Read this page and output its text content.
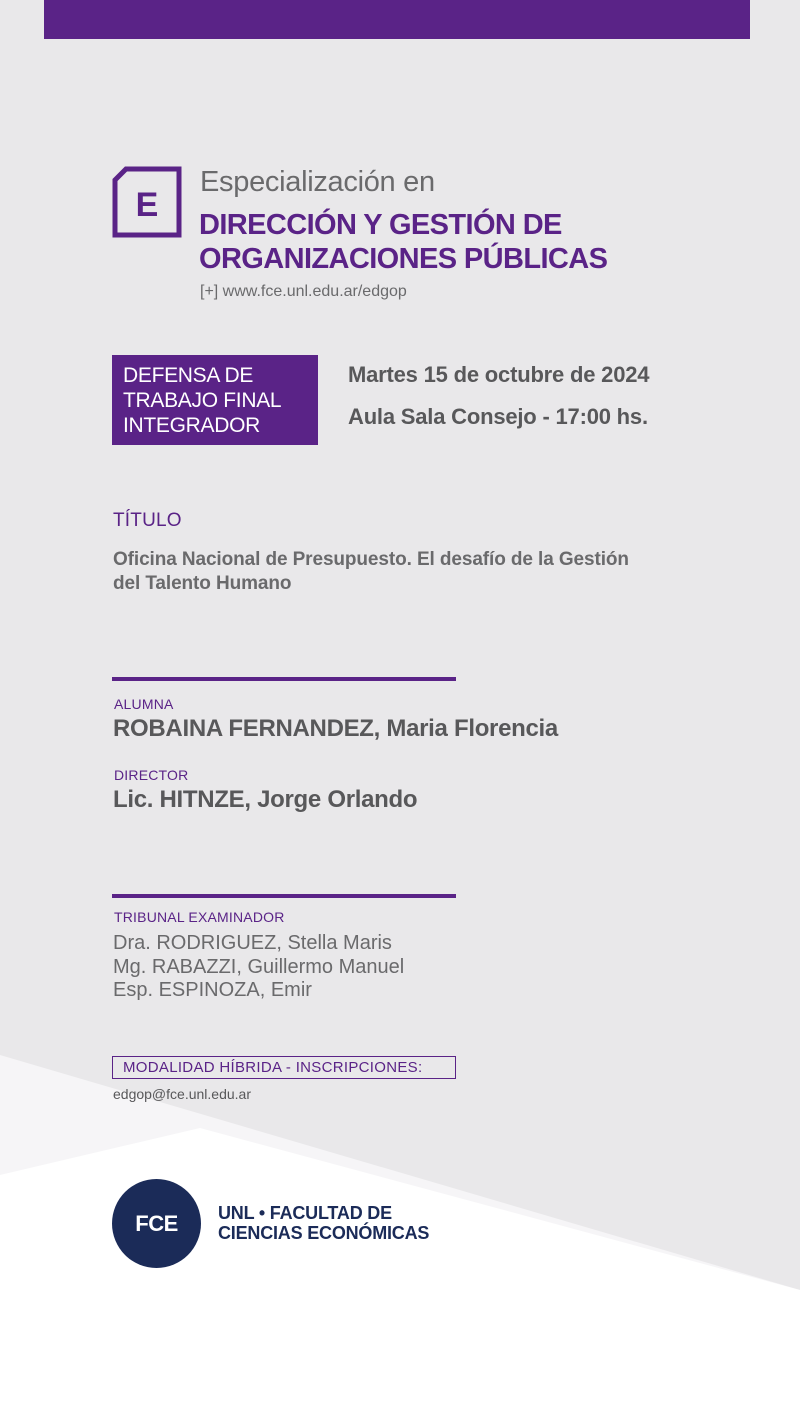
E
Especialización en
DIRECCIÓN Y GESTIÓN DE
ORGANIZACIONES PÚBLICAS
[+] www.fce.unl.edu.ar/edgop
DEFENSA DE
TRABAJO FINAL
INTEGRADOR
Martes 15 de octubre de 2024
Aula Sala Consejo - 17:00 hs.
TÍTULO
Oficina Nacional de Presupuesto. El desafío de la Gestión
del Talento Humano
ALUMNA
ROBAINA FERNANDEZ, Maria Florencia
DIRECTOR
Lic. HITNZE, Jorge Orlando
TRIBUNAL EXAMINADOR
Dra. RODRIGUEZ, Stella Maris
Mg. RABAZZI, Guillermo Manuel
Esp. ESPINOZA, Emir
MODALIDAD HÍBRIDA - INSCRIPCIONES:
edgop@fce.unl.edu.ar
FCE	UNL • FACULTAD DE
CIENCIAS ECONÓMICAS
